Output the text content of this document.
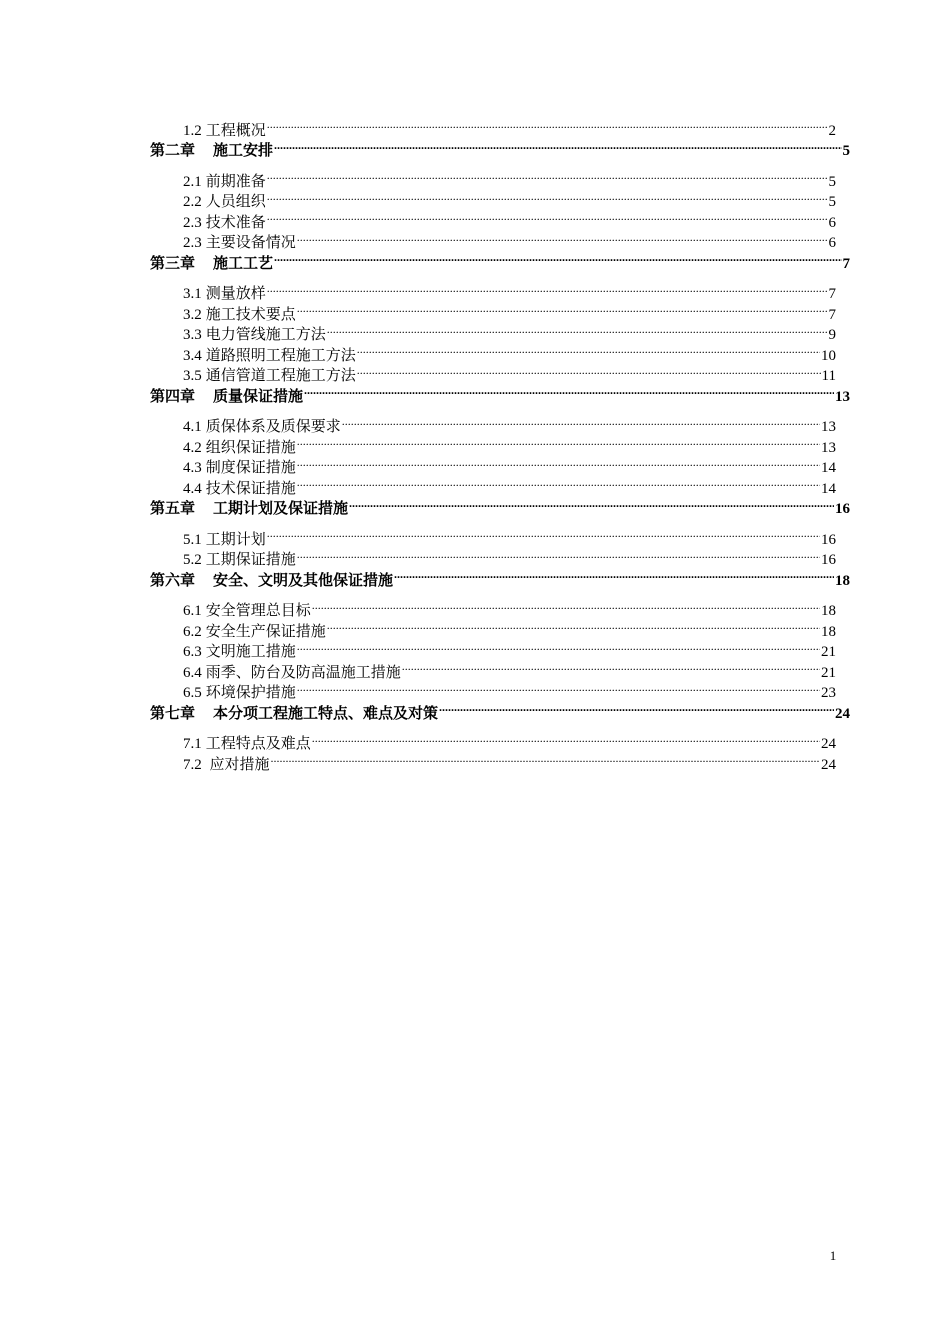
1.2 工程概况 .....	2
第二章 施工安排 .....	5
2.1 前期准备 .....	5
2.2 人员组织 .....	5
2.3 技术准备 .....	6
2.3 主要设备情况 .....	6
第三章 施工工艺 .....	7
3.1 测量放样 .....	7
3.2 施工技术要点 .....	7
3.3 电力管线施工方法 .....	9
3.4 道路照明工程施工方法 .....	10
3.5 通信管道工程施工方法 .....	11
第四章 质量保证措施 .....	13
4.1 质保体系及质保要求 .....	13
4.2 组织保证措施 .....	13
4.3 制度保证措施 .....	14
4.4 技术保证措施 .....	14
第五章 工期计划及保证措施 .....	16
5.1 工期计划 .....	16
5.2 工期保证措施 .....	16
第六章 安全、文明及其他保证措施 .....	18
6.1 安全管理总目标 .....	18
6.2 安全生产保证措施 .....	18
6.3 文明施工措施 .....	21
6.4 雨季、防台及防高温施工措施 .....	21
6.5 环境保护措施 .....	23
第七章 本分项工程施工特点、难点及对策 .....	24
7.1 工程特点及难点 .....	24
7.2 应对措施 .....	24
1
